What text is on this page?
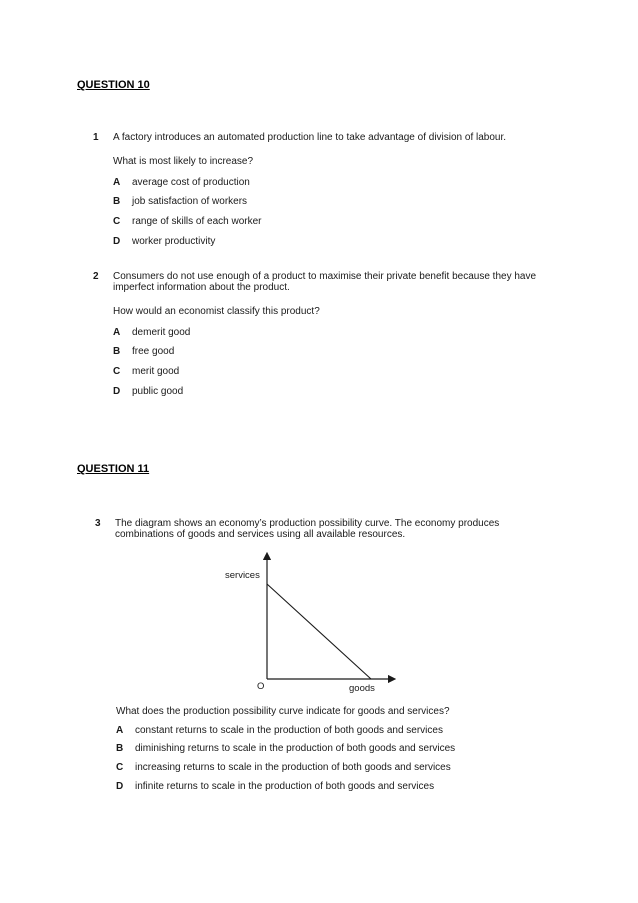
QUESTION 10
1 A factory introduces an automated production line to take advantage of division of labour.
What is most likely to increase?
A average cost of production
B job satisfaction of workers
C range of skills of each worker
D worker productivity
2 Consumers do not use enough of a product to maximise their private benefit because they have
imperfect information about the product.
How would an economist classify this product?
A demerit good
B free good
C merit good
D public good
QUESTION 11
3 The diagram shows an economy’s production possibility curve. The economy produces
combinations of goods and services using all available resources.
services
goods
O
What does the production possibility curve indicate for goods and services?
A constant returns to scale in the production of both goods and services
B diminishing returns to scale in the production of both goods and services
C increasing returns to scale in the production of both goods and services
D infinite returns to scale in the production of both goods and services
